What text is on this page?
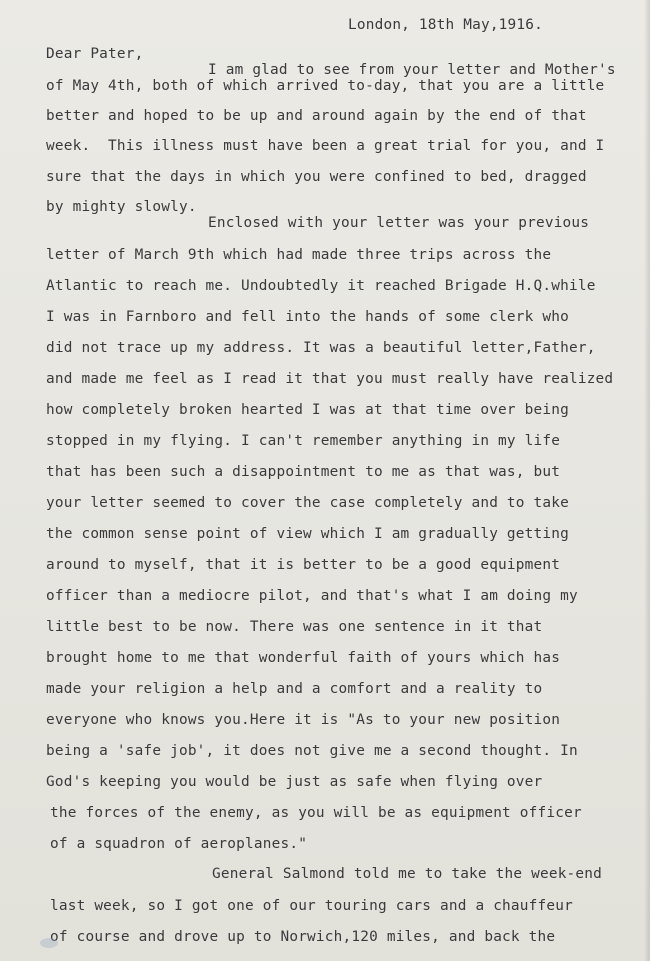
London, 18th May,1916.
Dear Pater,
I am glad to see from your letter and Mother's
of May 4th, both of which arrived to-day, that you are a little
better and hoped to be up and around again by the end of that
week.  This illness must have been a great trial for you, and I
sure that the days in which you were confined to bed, dragged
by mighty slowly.
Enclosed with your letter was your previous
letter of March 9th which had made three trips across the
Atlantic to reach me. Undoubtedly it reached Brigade H.Q.while
I was in Farnboro and fell into the hands of some clerk who
did not trace up my address. It was a beautiful letter,Father,
and made me feel as I read it that you must really have realized
how completely broken hearted I was at that time over being
stopped in my flying. I can't remember anything in my life
that has been such a disappointment to me as that was, but
your letter seemed to cover the case completely and to take
the common sense point of view which I am gradually getting
around to myself, that it is better to be a good equipment
officer than a mediocre pilot, and that's what I am doing my
little best to be now. There was one sentence in it that
brought home to me that wonderful faith of yours which has
made your religion a help and a comfort and a reality to
everyone who knows you.Here it is "As to your new position
being a 'safe job', it does not give me a second thought. In
God's keeping you would be just as safe when flying over
the forces of the enemy, as you will be as equipment officer
of a squadron of aeroplanes."
General Salmond told me to take the week-end
last week, so I got one of our touring cars and a chauffeur
of course and drove up to Norwich,120 miles, and back the
